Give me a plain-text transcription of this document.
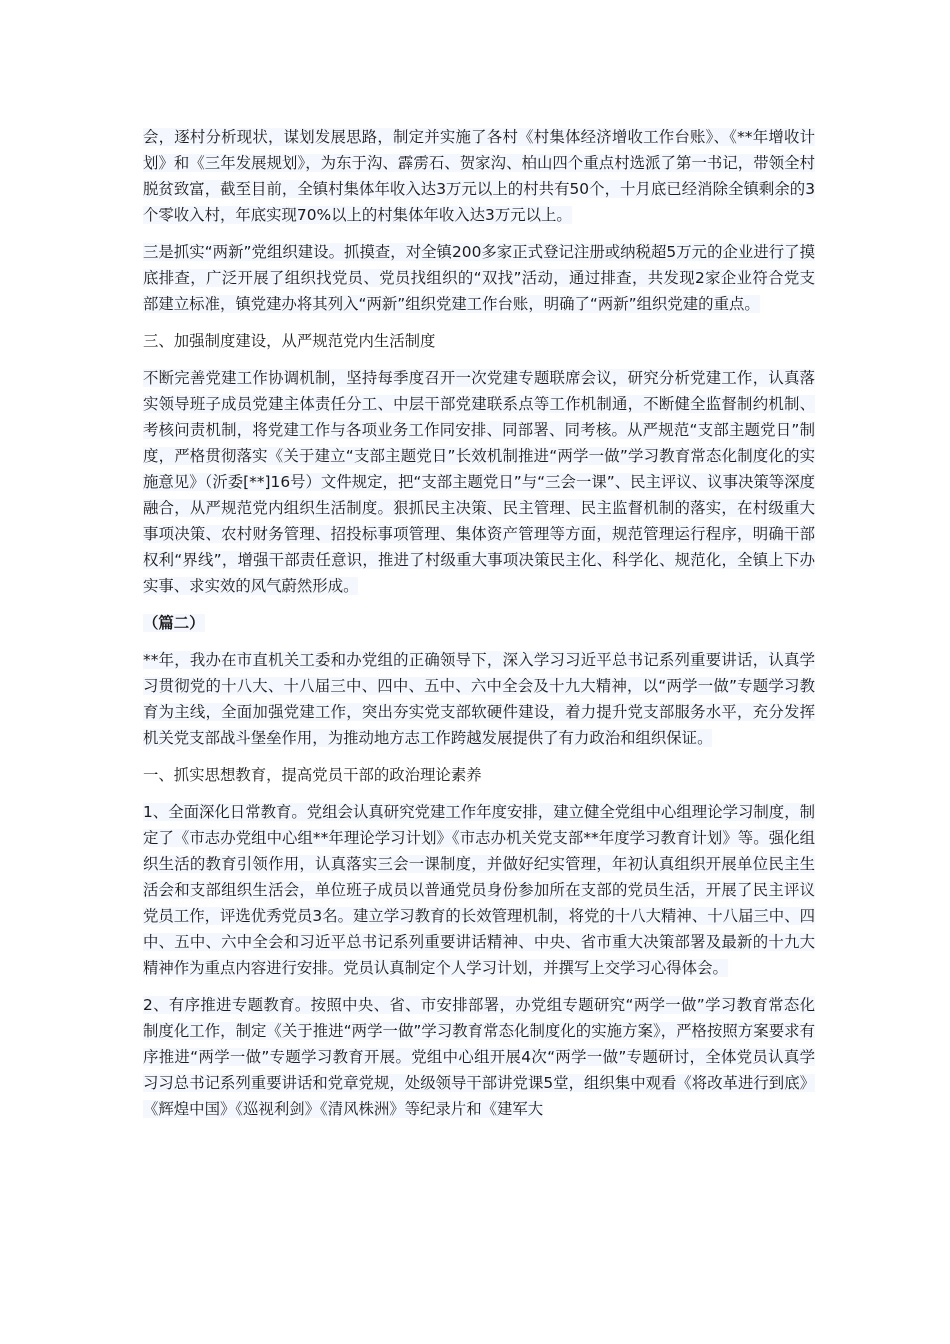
会，逐村分析现状，谋划发展思路，制定并实施了各村《村集体经济增收工作台账》、《**年增收计划》和《三年发展规划》，为东于沟、霹雳石、贺家沟、柏山四个重点村选派了第一书记，带领全村脱贫致富，截至目前，全镇村集体年收入达3万元以上的村共有50个，十月底已经消除全镇剩余的3个零收入村，年底实现70%以上的村集体年收入达3万元以上。

三是抓实“两新”党组织建设。抓摸查，对全镇200多家正式登记注册或纳税超5万元的企业进行了摸底排查，广泛开展了组织找党员、党员找组织的“双找”活动，通过排查，共发现2家企业符合党支部建立标准，镇党建办将其列入“两新”组织党建工作台账，明确了“两新”组织党建的重点。

三、加强制度建设，从严规范党内生活制度

不断完善党建工作协调机制，坚持每季度召开一次党建专题联席会议，研究分析党建工作，认真落实领导班子成员党建主体责任分工、中层干部党建联系点等工作机制通，不断健全监督制约机制、考核问责机制，将党建工作与各项业务工作同安排、同部署、同考核。从严规范“支部主题党日”制度，严格贯彻落实《关于建立“支部主题党日”长效机制推进“两学一做”学习教育常态化制度化的实施意见》（沂委[**]16号）文件规定，把“支部主题党日”与“三会一课”、民主评议、议事决策等深度融合，从严规范党内组织生活制度。狠抓民主决策、民主管理、民主监督机制的落实，在村级重大事项决策、农村财务管理、招投标事项管理、集体资产管理等方面，规范管理运行程序，明确干部权利“界线”，增强干部责任意识，推进了村级重大事项决策民主化、科学化、规范化，全镇上下办实事、求实效的风气蔚然形成。

（篇二）

**年，我办在市直机关工委和办党组的正确领导下，深入学习习近平总书记系列重要讲话，认真学习贯彻党的十八大、十八届三中、四中、五中、六中全会及十九大精神，以“两学一做”专题学习教育为主线，全面加强党建工作，突出夯实党支部软硬件建设，着力提升党支部服务水平，充分发挥机关党支部战斗堡垒作用，为推动地方志工作跨越发展提供了有力政治和组织保证。

一、抓实思想教育，提高党员干部的政治理论素养

1、全面深化日常教育。党组会认真研究党建工作年度安排，建立健全党组中心组理论学习制度，制定了《市志办党组中心组**年理论学习计划》《市志办机关党支部**年度学习教育计划》等。强化组织生活的教育引领作用，认真落实三会一课制度，并做好纪实管理，年初认真组织开展单位民主生活会和支部组织生活会，单位班子成员以普通党员身份参加所在支部的党员生活，开展了民主评议党员工作，评选优秀党员3名。建立学习教育的长效管理机制，将党的十八大精神、十八届三中、四中、五中、六中全会和习近平总书记系列重要讲话精神、中央、省市重大决策部署及最新的十九大精神作为重点内容进行安排。党员认真制定个人学习计划，并撰写上交学习心得体会。

2、有序推进专题教育。按照中央、省、市安排部署，办党组专题研究“两学一做”学习教育常态化制度化工作，制定《关于推进“两学一做”学习教育常态化制度化的实施方案》，严格按照方案要求有序推进“两学一做”专题学习教育开展。党组中心组开展4次“两学一做”专题研讨，全体党员认真学习习总书记系列重要讲话和党章党规，处级领导干部讲党课5堂，组织集中观看《将改革进行到底》《辉煌中国》《巡视利剑》《清风株洲》等纪录片和《建军大
